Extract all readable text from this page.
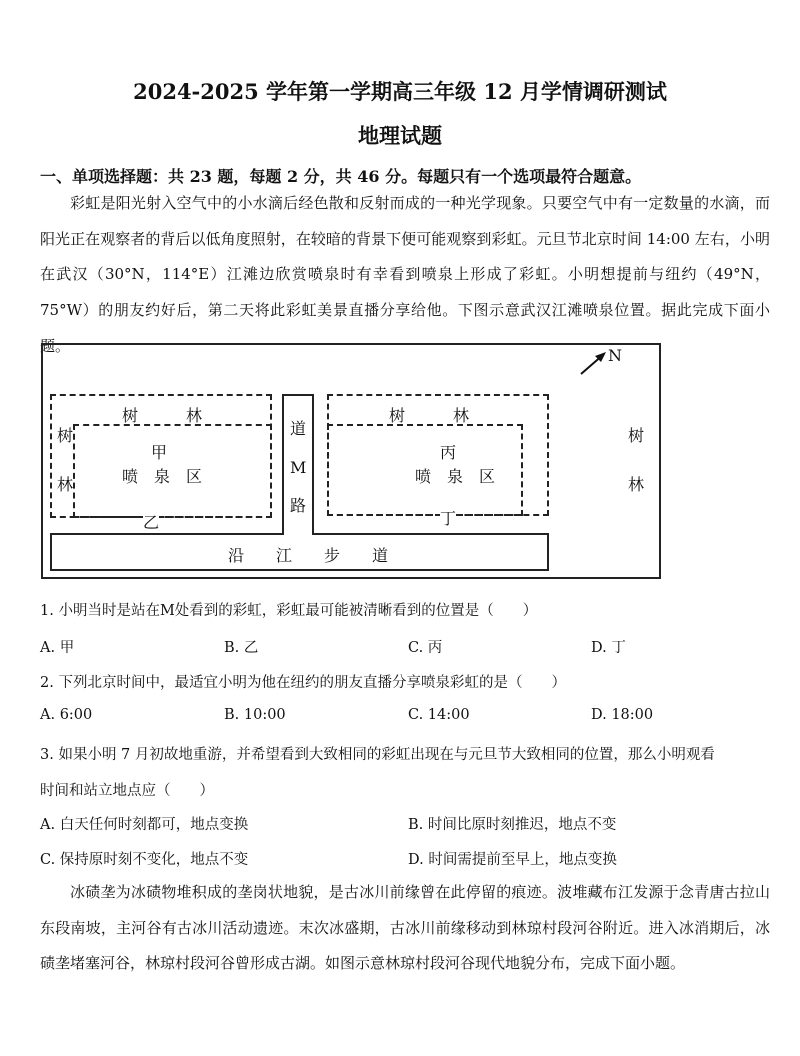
2024-2025 学年第一学期高三年级 12 月学情调研测试
地理试题
一、单项选择题：共 23 题，每题 2 分，共 46 分。每题只有一个选项最符合题意。
彩虹是阳光射入空气中的小水滴后经色散和反射而成的一种光学现象。只要空气中有一定数量的水滴，而阳光正在观察者的背后以低角度照射，在较暗的背景下便可能观察到彩虹。元旦节北京时间 14:00 左右，小明在武汉（30°N，114°E）江滩边欣赏喷泉时有幸看到喷泉上形成了彩虹。小明想提前与纽约（49°N，75°W）的朋友约好后，第二天将此彩虹美景直播分享给他。下图示意武汉江滩喷泉位置。据此完成下面小题。
N
树　　　林
树
林
甲
喷　泉　区
乙
道
M
路
树　　　林
树
林
丙
喷　泉　区
丁
沿　　江　　步　　道
1. 小明当时是站在M处看到的彩虹，彩虹最可能被清晰看到的位置是（　　）
A. 甲	B. 乙	C. 丙	D. 丁
2. 下列北京时间中，最适宜小明为他在纽约的朋友直播分享喷泉彩虹的是（　　）
A. 6:00	B. 10:00	C. 14:00	D. 18:00
3. 如果小明 7 月初故地重游，并希望看到大致相同的彩虹出现在与元旦节大致相同的位置，那么小明观看
时间和站立地点应（　　）
A. 白天任何时刻都可，地点变换	B. 时间比原时刻推迟，地点不变
C. 保持原时刻不变化，地点不变	D. 时间需提前至早上，地点变换
冰碛垄为冰碛物堆积成的垄岗状地貌，是古冰川前缘曾在此停留的痕迹。波堆藏布江发源于念青唐古拉山东段南坡，主河谷有古冰川活动遗迹。末次冰盛期，古冰川前缘移动到林琼村段河谷附近。进入冰消期后，冰碛垄堵塞河谷，林琼村段河谷曾形成古湖。如图示意林琼村段河谷现代地貌分布，完成下面小题。
